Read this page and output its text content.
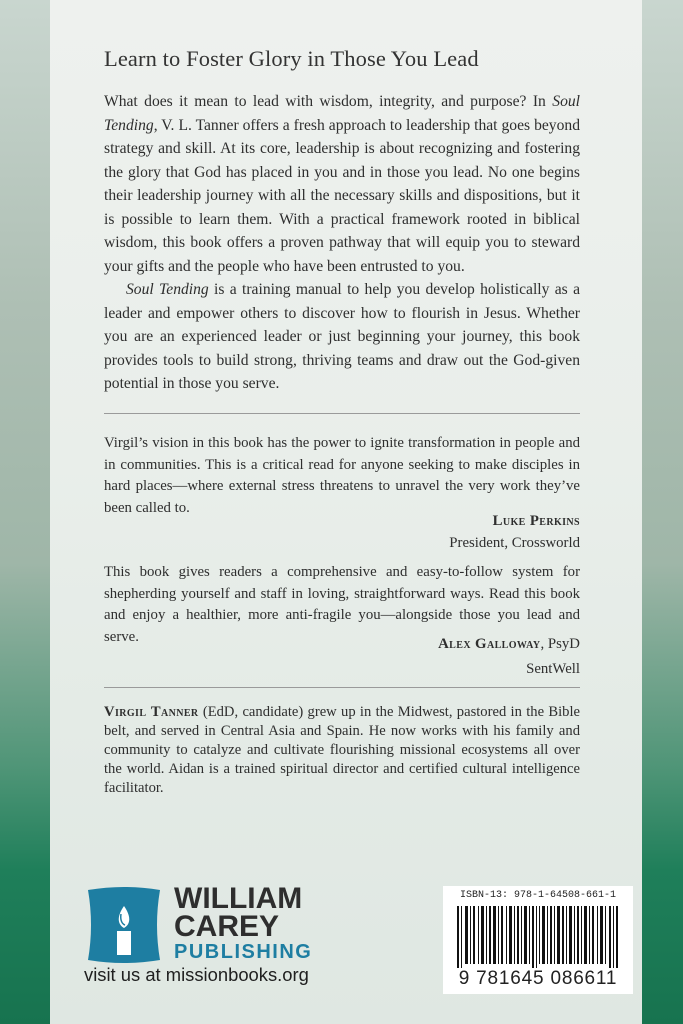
Learn to Foster Glory in Those You Lead

What does it mean to lead with wisdom, integrity, and purpose? In Soul Tending, V. L. Tanner offers a fresh approach to leadership that goes beyond strategy and skill. At its core, leadership is about recognizing and fostering the glory that God has placed in you and in those you lead. No one begins their leadership journey with all the necessary skills and dispositions, but it is possible to learn them. With a practical framework rooted in biblical wisdom, this book offers a proven pathway that will equip you to steward your gifts and the people who have been entrusted to you.

Soul Tending is a training manual to help you develop holistically as a leader and empower others to discover how to flourish in Jesus. Whether you are an experienced leader or just beginning your journey, this book provides tools to build strong, thriving teams and draw out the God-given potential in those you serve.

Virgil’s vision in this book has the power to ignite transformation in people and in communities. This is a critical read for anyone seeking to make disciples in hard places—where external stress threatens to unravel the very work they’ve been called to.
Luke Perkins
President, Crossworld
This book gives readers a comprehensive and easy-to-follow system for shepherding yourself and staff in loving, straightforward ways. Read this book and enjoy a healthier, more anti-fragile you—alongside those you lead and serve.	Alex Galloway, PsyD
SentWell
Virgil Tanner (EdD, candidate) grew up in the Midwest, pastored in the Bible belt, and served in Central Asia and Spain. He now works with his family and community to catalyze and cultivate flourishing missional ecosystems all over the world. Aidan is a trained spiritual director and certified cultural intelligence facilitator.
WILLIAM
CAREY
PUBLISHING
visit us at missionbooks.org
ISBN-13: 978-1-64508-661-1
9 781645 086611
